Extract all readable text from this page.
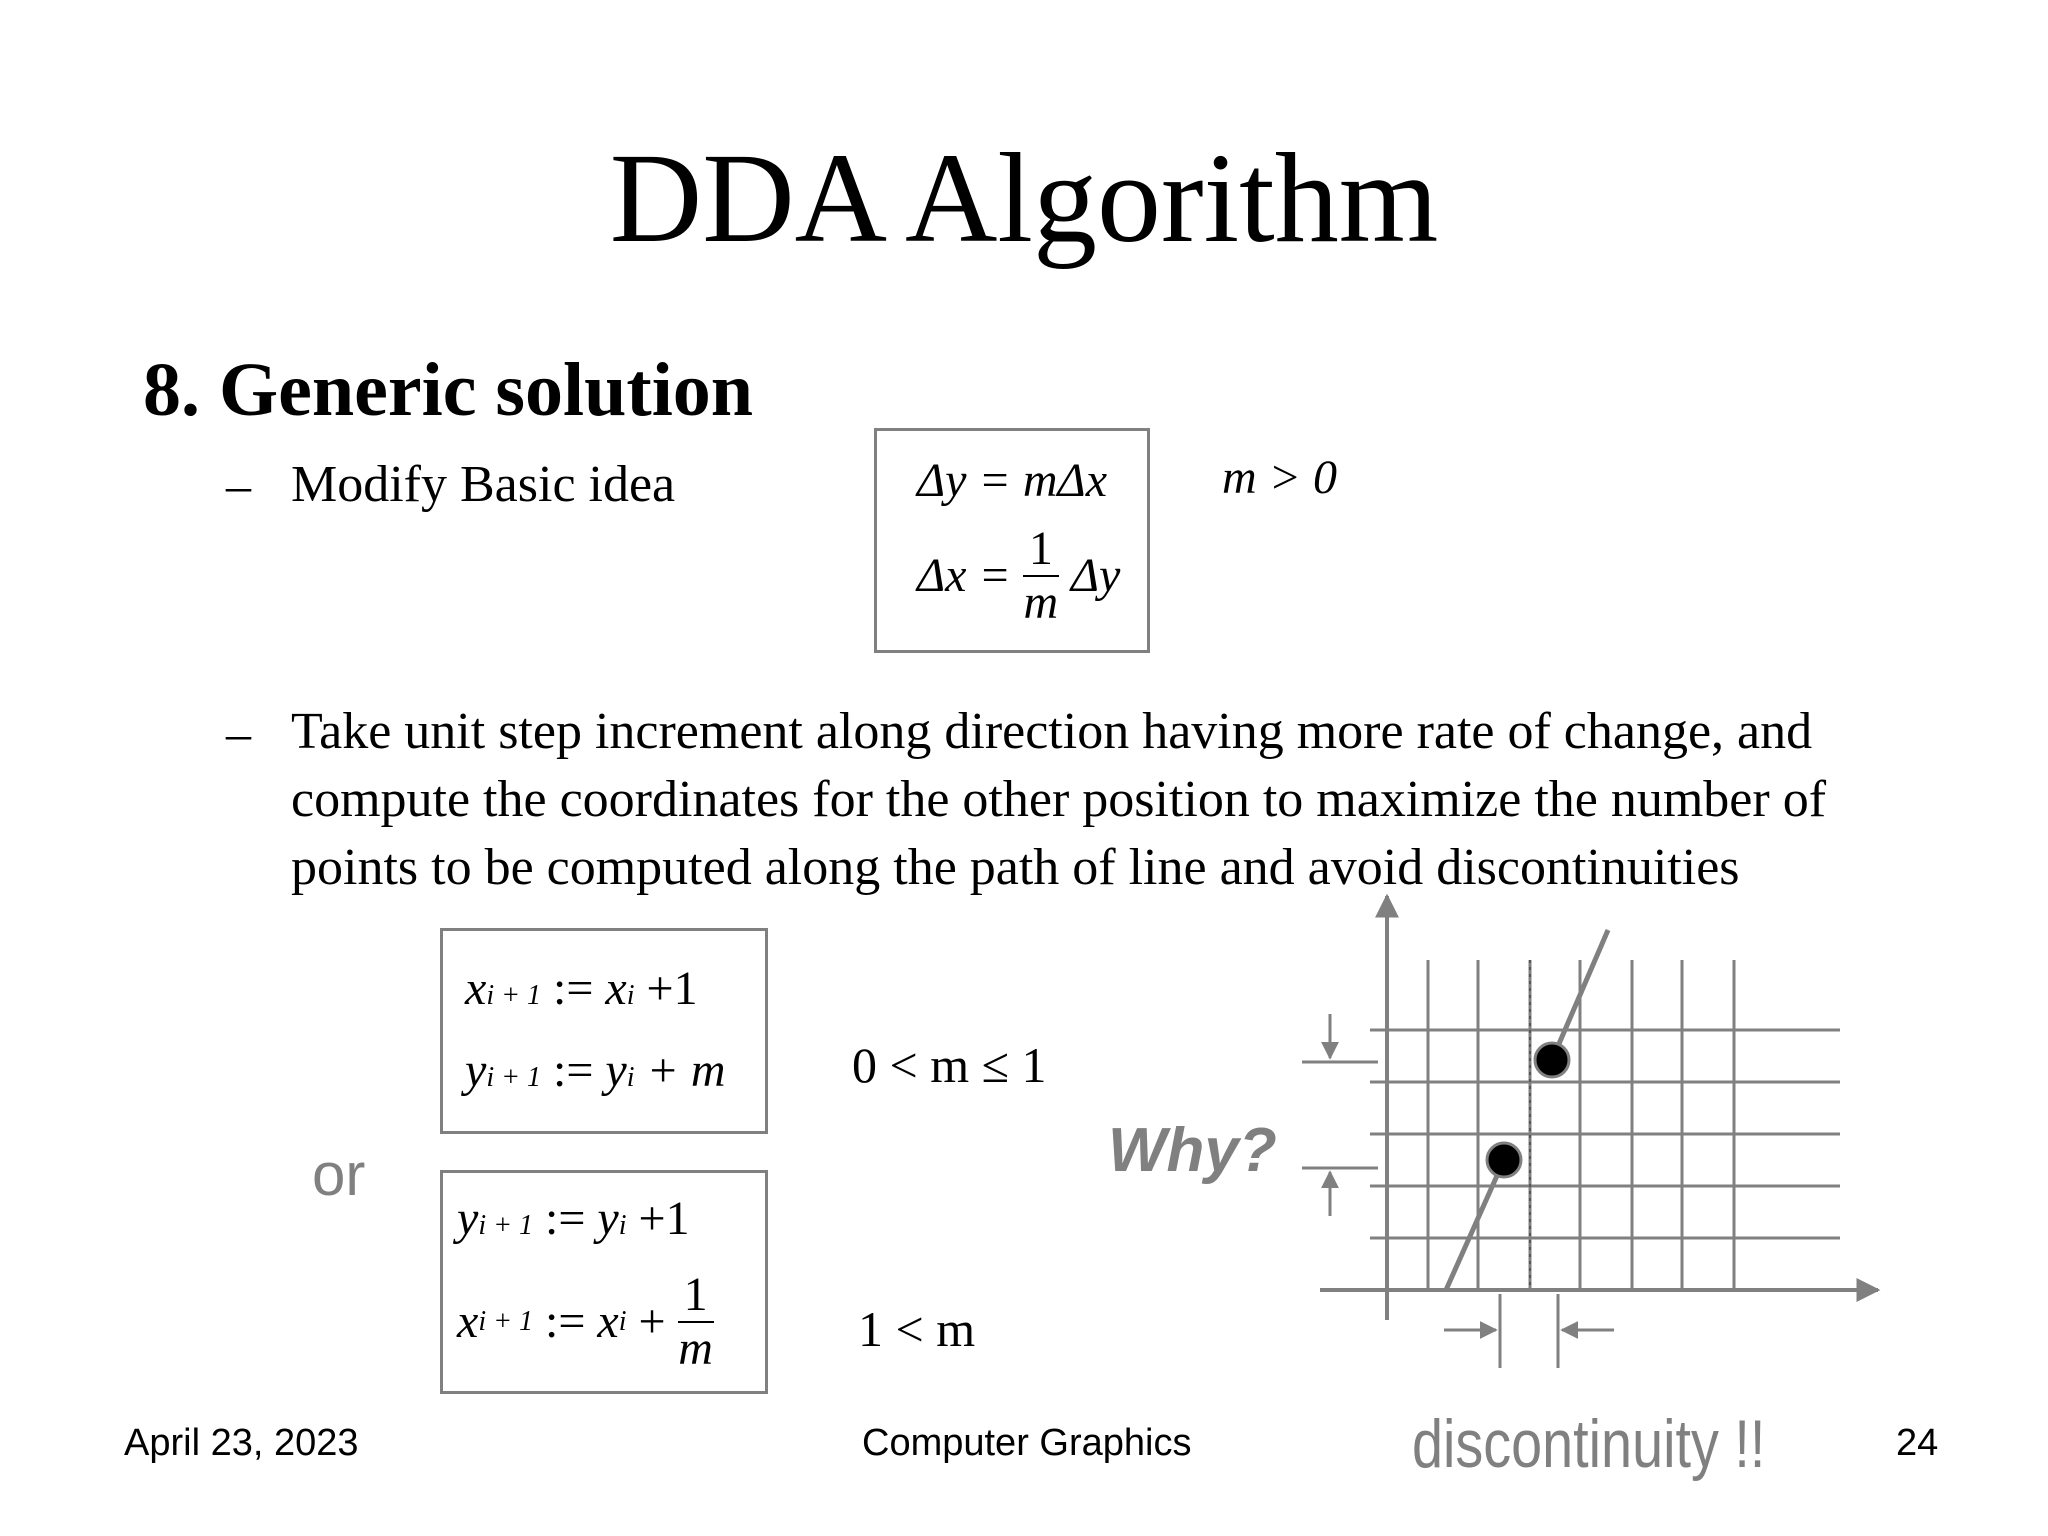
DDA Algorithm
8. Generic solution
– Modify Basic idea	Δy = mΔx
$\Delta x = \frac{1}{m}$ Δy
m > 0
– Take unit step increment along direction having more rate of change, and
compute the coordinates for the other position to maximize the number of
points to be computed along the path of line and avoid discontinuities
xi + 1 := xi +1
yi + 1 := yi + m	0 < m ≤ 1
or
yi + 1 := yi +1
xi + 1 := xi + $\frac{1}{m}$	1 < m
Why?
discontinuity !!
April 23, 2023	Computer Graphics	24
